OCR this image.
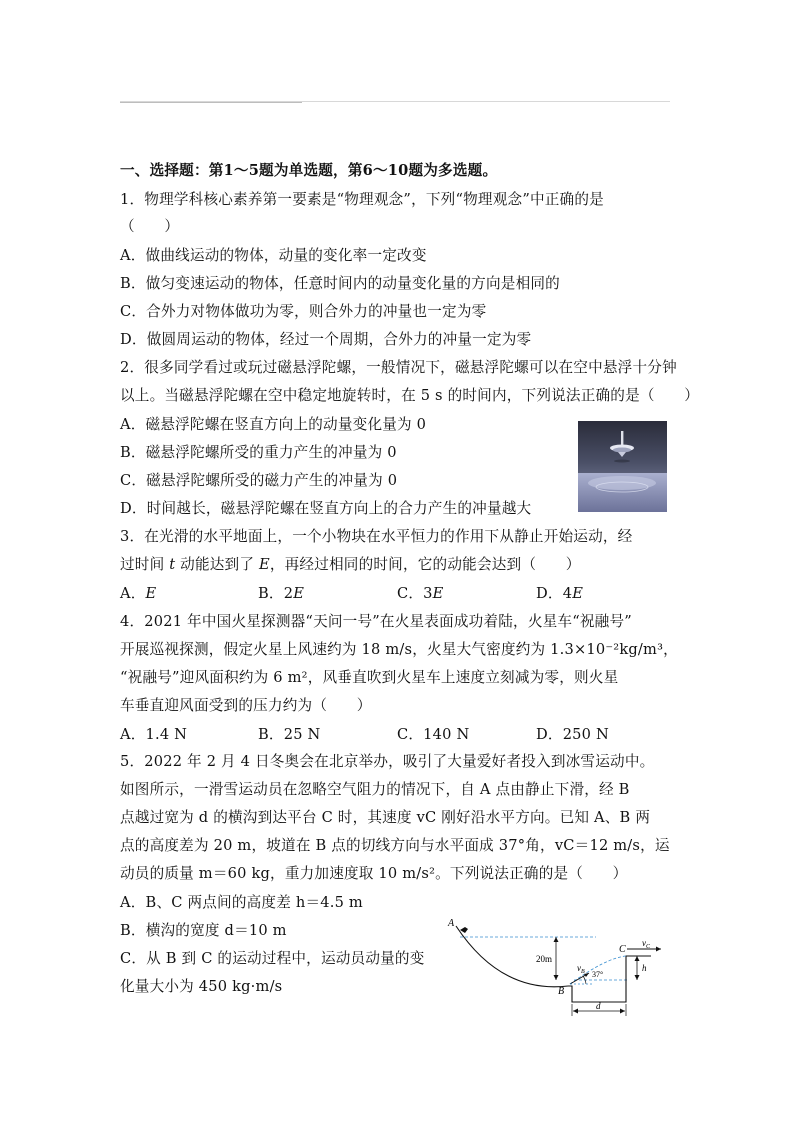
一、选择题：第1～5题为单选题，第6～10题为多选题。
1．物理学科核心素养第一要素是“物理观念”，下列“物理观念”中正确的是
（　　）
A．做曲线运动的物体，动量的变化率一定改变
B．做匀变速运动的物体，任意时间内的动量变化量的方向是相同的
C．合外力对物体做功为零，则合外力的冲量也一定为零
D．做圆周运动的物体，经过一个周期，合外力的冲量一定为零
2．很多同学看过或玩过磁悬浮陀螺，一般情况下，磁悬浮陀螺可以在空中悬浮十分钟
以上。当磁悬浮陀螺在空中稳定地旋转时，在 5 s 的时间内，下列说法正确的是（　　）
A．磁悬浮陀螺在竖直方向上的动量变化量为 0
B．磁悬浮陀螺所受的重力产生的冲量为 0
C．磁悬浮陀螺所受的磁力产生的冲量为 0
D．时间越长，磁悬浮陀螺在竖直方向上的合力产生的冲量越大
3．在光滑的水平地面上，一个小物块在水平恒力的作用下从静止开始运动，经
过时间 t 动能达到了 E，再经过相同的时间，它的动能会达到（　　）
A．E	B．2E	C．3E	D．4E
4．2021 年中国火星探测器“天问一号”在火星表面成功着陆，火星车“祝融号”
开展巡视探测，假定火星上风速约为 18 m/s，火星大气密度约为 1.3×10⁻²kg/m³，
“祝融号”迎风面积约为 6 m²，风垂直吹到火星车上速度立刻减为零，则火星
车垂直迎风面受到的压力约为（　　）
A．1.4 N	B．25 N	C．140 N	D．250 N
5．2022 年 2 月 4 日冬奥会在北京举办，吸引了大量爱好者投入到冰雪运动中。
如图所示，一滑雪运动员在忽略空气阻力的情况下，自 A 点由静止下滑，经 B
点越过宽为 d 的横沟到达平台 C 时，其速度 vC 刚好沿水平方向。已知 A、B 两
点的高度差为 20 m，坡道在 B 点的切线方向与水平面成 37°角，vC＝12 m/s，运
动员的质量 m＝60 kg，重力加速度取 10 m/s²。下列说法正确的是（　　）
A．B、C 两点间的高度差 h＝4.5 m
B．横沟的宽度 d＝10 m
C．从 B 到 C 的运动过程中，运动员动量的变
化量大小为 450 kg·m/s
A
B
C
20m
h
d
$v_B$ 37°
$v_C$
